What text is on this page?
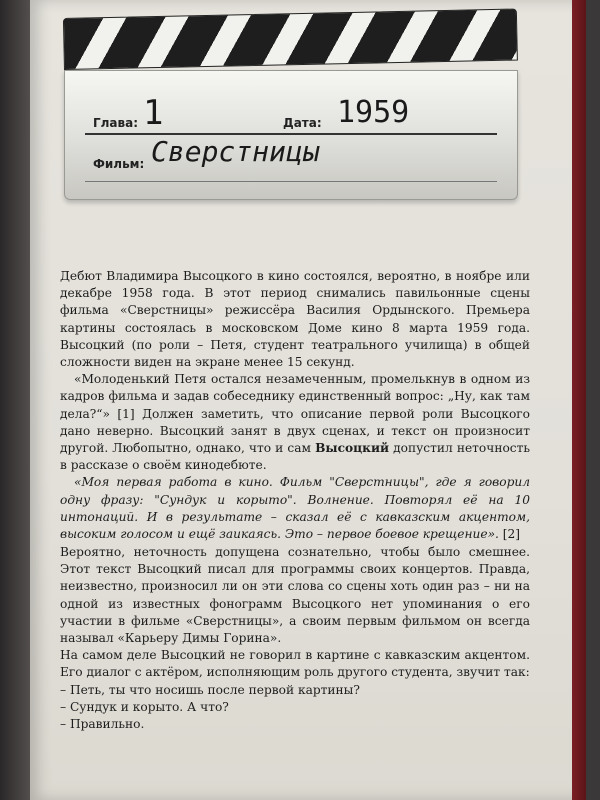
Глава: 1	Дата: 1959
Фильм: Сверстницы

Дебют Владимира Высоцкого в кино состоялся, вероятно, в ноябре или декабре 1958 года. В этот период снимались павильонные сцены фильма «Сверстницы» режиссёра Василия Ордынского. Премьера картины состоялась в московском Доме кино 8 марта 1959 года. Высоцкий (по роли – Петя, студент театрального училища) в общей сложности виден на экране менее 15 секунд.

«Молоденький Петя остался незамеченным, промелькнув в одном из кадров фильма и задав собеседнику единственный вопрос: „Ну, как там дела?“» [1] Должен заметить, что описание первой роли Высоцкого дано неверно. Высоцкий занят в двух сценах, и текст он произносит другой. Любопытно, однако, что и сам Высоцкий допустил неточность в рассказе о своём кинодебюте.

«Моя первая работа в кино. Фильм "Сверстницы", где я говорил одну фразу: "Сундук и корыто". Волнение. Повторял её на 10 интонаций. И в результате – сказал её с кавказским акцентом, высоким голосом и ещё заикаясь. Это – первое боевое крещение». [2]

Вероятно, неточность допущена сознательно, чтобы было смешнее. Этот текст Высоцкий писал для программы своих концертов. Правда, неизвестно, произносил ли он эти слова со сцены хоть один раз – ни на одной из известных фонограмм Высоцкого нет упоминания о его участии в фильме «Сверстницы», а своим первым фильмом он всегда называл «Карьеру Димы Горина».

На самом деле Высоцкий не говорил в картине с кавказским акцентом. Его диалог с актёром, исполняющим роль другого студента, звучит так:

– Петь, ты что носишь после первой картины?

– Сундук и корыто. А что?

– Правильно.
